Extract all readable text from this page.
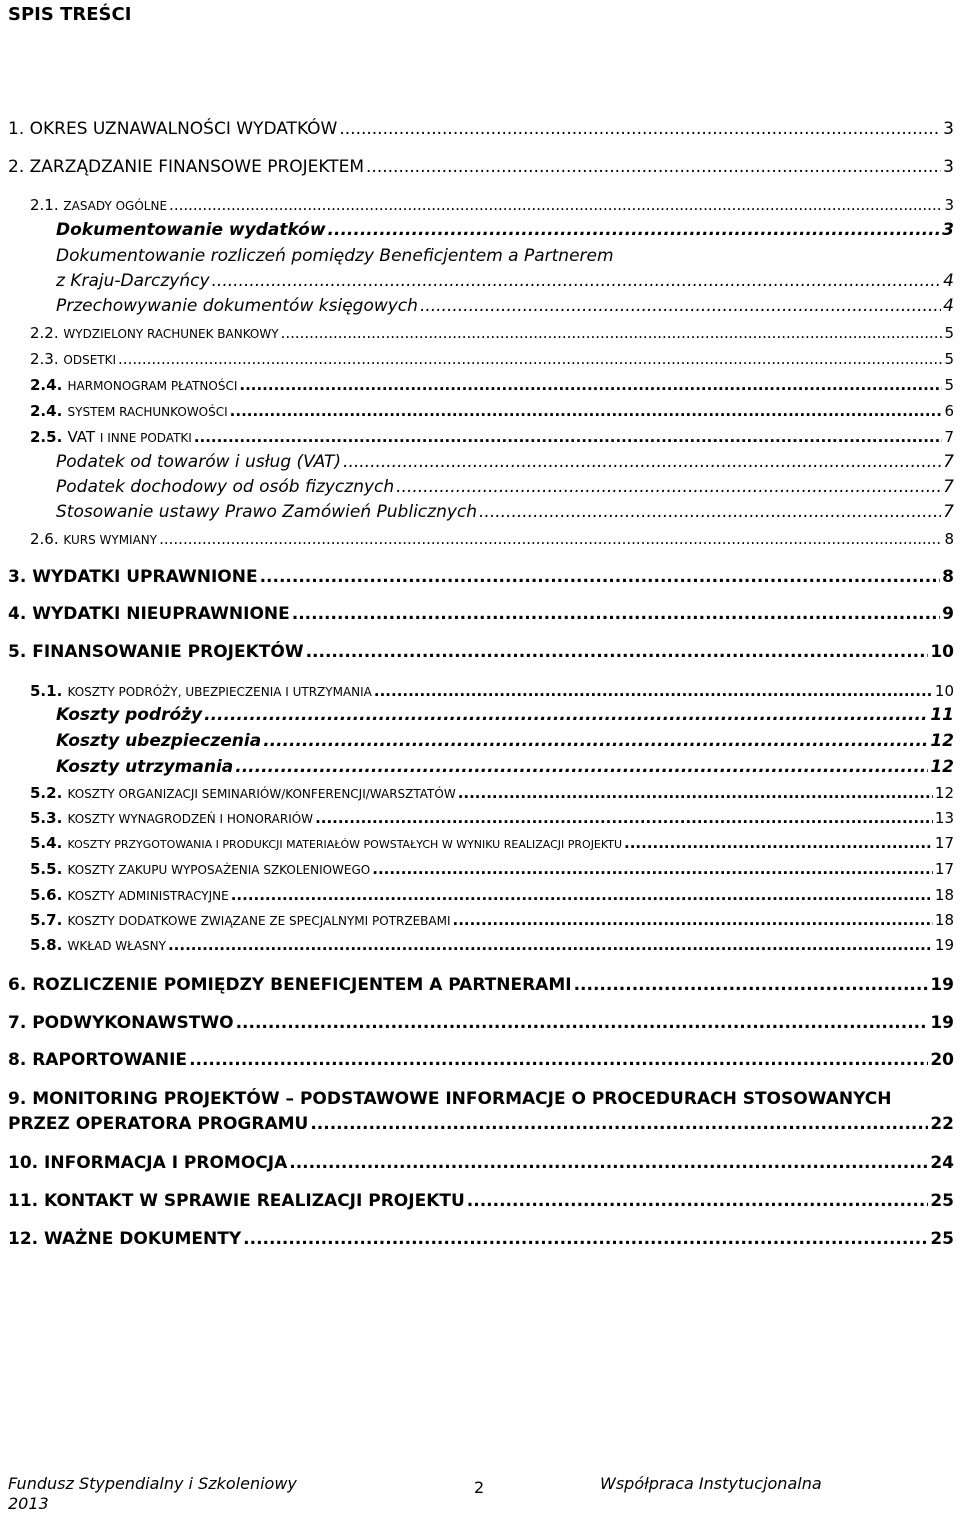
SPIS TREŚCI
1. OKRES UZNAWALNOŚCI WYDATKÓW .....	3
2. ZARZĄDZANIE FINANSOWE PROJEKTEM .....	3
2.1. ZASADY OGÓLNE .....	3
Dokumentowanie wydatków .....	3
Dokumentowanie rozliczeń pomiędzy Beneficjentem a Partnerem
z Kraju-Darczyńcy .....	4
Przechowywanie dokumentów księgowych .....	4
2.2. WYDZIELONY RACHUNEK BANKOWY .....	5
2.3. ODSETKI .....	5
2.4. HARMONOGRAM PŁATNOŚCI .....	5
2.4. SYSTEM RACHUNKOWOŚCI .....	6
2.5. VAT I INNE PODATKI .....	7
Podatek od towarów i usług (VAT) .....	7
Podatek dochodowy od osób fizycznych .....	7
Stosowanie ustawy Prawo Zamówień Publicznych .....	7
2.6. KURS WYMIANY .....	8
3. WYDATKI UPRAWNIONE .....	8
4. WYDATKI NIEUPRAWNIONE .....	9
5. FINANSOWANIE PROJEKTÓW .....	10
5.1. KOSZTY PODRÓŻY, UBEZPIECZENIA I UTRZYMANIA .....	10
Koszty podróży .....	11
Koszty ubezpieczenia .....	12
Koszty utrzymania .....	12
5.2. KOSZTY ORGANIZACJI SEMINARIÓW/KONFERENCJI/WARSZTATÓW .....	12
5.3. KOSZTY WYNAGRODZEŃ I HONORARIÓW .....	13
5.4. KOSZTY PRZYGOTOWANIA I PRODUKCJI MATERIAŁÓW POWSTAŁYCH W WYNIKU REALIZACJI PROJEKTU .....	17
5.5. KOSZTY ZAKUPU WYPOSAŻENIA SZKOLENIOWEGO .....	17
5.6. KOSZTY ADMINISTRACYJNE .....	18
5.7. KOSZTY DODATKOWE ZWIĄZANE ZE SPECJALNYMI POTRZEBAMI .....	18
5.8. WKŁAD WŁASNY .....	19
6. ROZLICZENIE POMIĘDZY BENEFICJENTEM A PARTNERAMI .....	19
7. PODWYKONAWSTWO .....	19
8. RAPORTOWANIE .....	20
9. MONITORING PROJEKTÓW – PODSTAWOWE INFORMACJE O PROCEDURACH STOSOWANYCH
PRZEZ OPERATORA PROGRAMU .....	22
10. INFORMACJA I PROMOCJA .....	24
11. KONTAKT W SPRAWIE REALIZACJI PROJEKTU .....	25
12. WAŻNE DOKUMENTY .....	25
Fundusz Stypendialny i Szkoleniowy 2013
2	Współpraca Instytucjonalna
